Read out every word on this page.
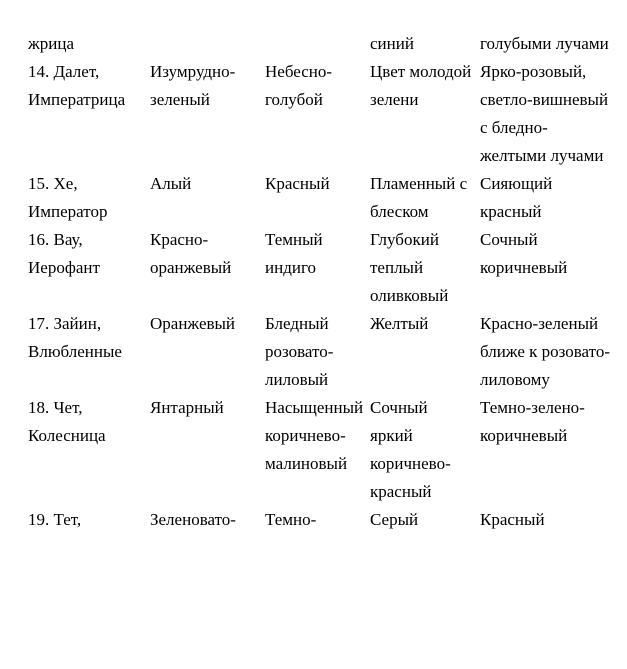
жрица			синий	голубыми лучами
14. Далет, Императрица	Изумрудно-зеленый	Небесно-голубой	Цвет молодой зелени	Ярко-розовый, светло-вишневый с бледно-желтыми лучами
15. Хе, Император	Алый	Красный	Пламенный с блеском	Сияющий красный
16. Вау, Иерофант	Красно-оранжевый	Темный индиго	Глубокий теплый оливковый	Сочный коричневый
17. Зайин, Влюбленные	Оранжевый	Бледный розовато-лиловый	Желтый	Красно-зеленый ближе к розовато-лиловому
18. Чет, Колесница	Янтарный	Насыщенный коричнево-малиновый	Сочный яркий коричнево-красный	Темно-зелено-коричневый
19. Тет,	Зеленовато-	Темно-	Серый	Красный
